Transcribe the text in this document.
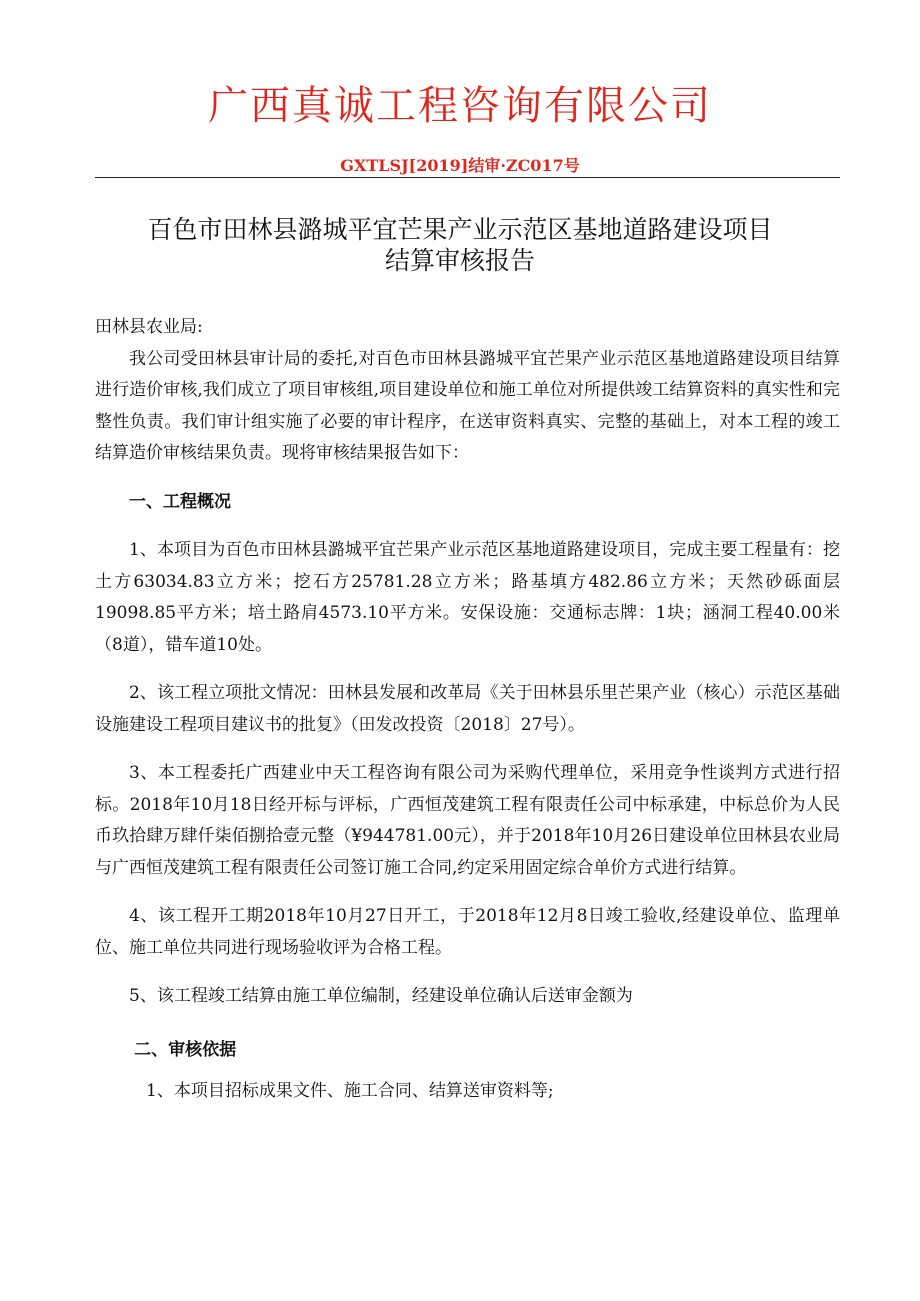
广西真诚工程咨询有限公司
GXTLSJ[2019]结审·ZC017号
百色市田林县潞城平宜芒果产业示范区基地道路建设项目
结算审核报告

田林县农业局:

我公司受田林县审计局的委托,对百色市田林县潞城平宜芒果产业示范区基地道路建设项目结算进行造价审核,我们成立了项目审核组,项目建设单位和施工单位对所提供竣工结算资料的真实性和完整性负责。我们审计组实施了必要的审计程序，在送审资料真实、完整的基础上，对本工程的竣工结算造价审核结果负责。现将审核结果报告如下：

一、工程概况

1、本项目为百色市田林县潞城平宜芒果产业示范区基地道路建设项目，完成主要工程量有：挖土方63034.83立方米；挖石方25781.28立方米；路基填方482.86立方米；天然砂砾面层19098.85平方米；培土路肩4573.10平方米。安保设施：交通标志牌：1块；涵洞工程40.00米（8道），错车道10处。

2、该工程立项批文情况：田林县发展和改革局《关于田林县乐里芒果产业（核心）示范区基础设施建设工程项目建议书的批复》（田发改投资〔2018〕27号）。

3、本工程委托广西建业中天工程咨询有限公司为采购代理单位，采用竞争性谈判方式进行招标。2018年10月18日经开标与评标，广西恒茂建筑工程有限责任公司中标承建，中标总价为人民币玖拾肆万肆仟柒佰捌拾壹元整（¥944781.00元），并于2018年10月26日建设单位田林县农业局与广西恒茂建筑工程有限责任公司签订施工合同,约定采用固定综合单价方式进行结算。

4、该工程开工期2018年10月27日开工，于2018年12月8日竣工验收,经建设单位、监理单位、施工单位共同进行现场验收评为合格工程。

5、该工程竣工结算由施工单位编制，经建设单位确认后送审金额为

二、审核依据

1、本项目招标成果文件、施工合同、结算送审资料等;
